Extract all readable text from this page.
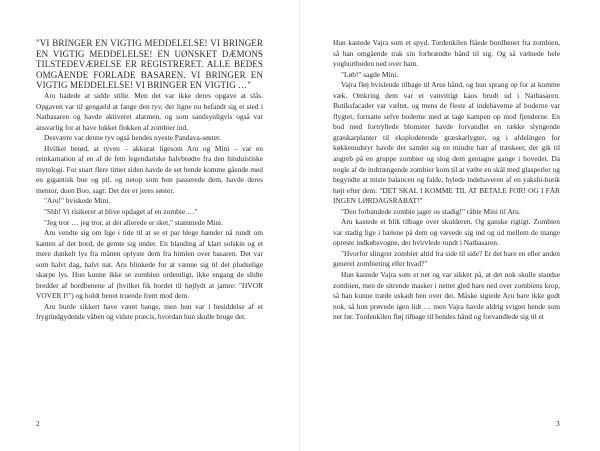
"VI BRINGER EN VIGTIG MEDDELELSE! VI BRINGER EN VIGTIG MEDDELELSE! EN UØNSKET DÆMONS TILSTEDEVÆRELSE ER REGISTRERET. ALLE BEDES OMGÅENDE FORLADE BASAREN. VI BRINGER EN VIGTIG MEDDELELSE! VI BRINGER EN VIGTIG …"

Aru hadede at sidde stille. Men det var ikke deres opgave at slås. Opgaven var til gengæld at fange den tyv, der ligne nu befandt sig et sted i Natbasaren og havde aktiveret alarmen, og som sandsynligvis også var ansvarlig for at have lukket flokken af zombier ind.

Desværre var denne tyv også hendes nyeste Pandava-søster.

Hvilket betød, at tyven – akkurat ligesom Aru og Mini – var en reinkarnation af en af de fem legendariske halvbrødre fra den hinduistiske mytologi. For snart flere timer siden havde de set hende komme gående med en gigantisk bue og pil, og netop som hun passerede dem, havde deres mentor, duen Boo, sagt: Det der er jeres søster.

"Aru!" hviskede Mini.

"Shh! Vi risikerer at blive opdaget af en zombie …"

"Jeg tror … jeg tror, at det allerede er sket," stammede Mini.

Aru vendte sig om lige i tide til at se et par blege hænder nå rundt om kanten af det bord, de gemte sig under. En blanding af klart solskin og et mere dunkelt lys fra månen oplyste dem fra himlen over basaren. Det var som halvt dag, halvt nat. Aru blinkede for at vænne sig til det pludselige skarpe lys. Hun kunne ikke se zombien ordentligt, ikke engang de slidte bredder af bordbenene af (hvilket fik bordet til højlydt at jamre: "HVOR VOVER I!") og holdt benet truende frem mod dem.

Aru burde sikkert have været bange, men hun var i besiddelse af et frygtindgydende våben og vidste præcis, hvordan hun skulle bruge det.

Hun kastede Vajra som et spyd. Tordenkilen flåede bordbenet fra zombien, så han omgående trak sin forbrændte hånd til sig. Og så vælnede hele yoghurtboden ned over ham.

"Løb!" sagde Mini.

Vajra fløj hvislende tilbage til Arus hånd, og hun sprang op for at komme væk. Omkring dem var et vanvittigt kaos brudt ud i Natbasaren. Butiksfacader var væltet, og mens de fleste af indehaverne af boderne var flygtet, fortsatte selve boderne med at tage kampen op mod fjenderne. En bod med fortryllede blomster havde forvandlet en række slyngende græskarplanter til eksploderende græskarlygter, og i afdelingen for køkkenudstyr havde der samlet sig en mindre hær af træskeer, der gik til angreb på en gruppe zombier og slog dem gentagne gange i hovedet. Da nogle af de indtrængende zombier kom til at vælte en skål med glasperler og begyndte at miste balancen og falde, hylede indehaveren af en yakshi-butik højt efter dem: "DET SKAL I KOMME TIL AT BETALE FOR! OG I FÅR INGEN LØRDAGSRABAT!"

"Den forbandede zombie jager os stadig!" råbte Mini til Aru.

Aru kastede et blik tilbage over skulderen. Og ganske rigtigt. Zombien var stadig lige i hælene på dem og vævede sig ind og ud mellem de mange opreste indkøbsvogne, der hvirvlede rundt i Natbasaren.

"Hvorfor slingrer zombier altid fra side til side? Er det bare en eller anden generel zombieting eller hvad?"

Hun kastede Vajra som et net og var sikker på, at det nok skulle standse zombien, men de sitrende masker i nettet gled bare ned over zombiens krop, så han kunne træde uskadt hen over det. Måske sigtede Aru bare ikke godt nok, så hun prøvede igen lidt … men Vajra havde aldrig svigtet hende som net før. Tordenkilen fløj tilbage til hendes hånd og forvandlede sig til et

2	3
